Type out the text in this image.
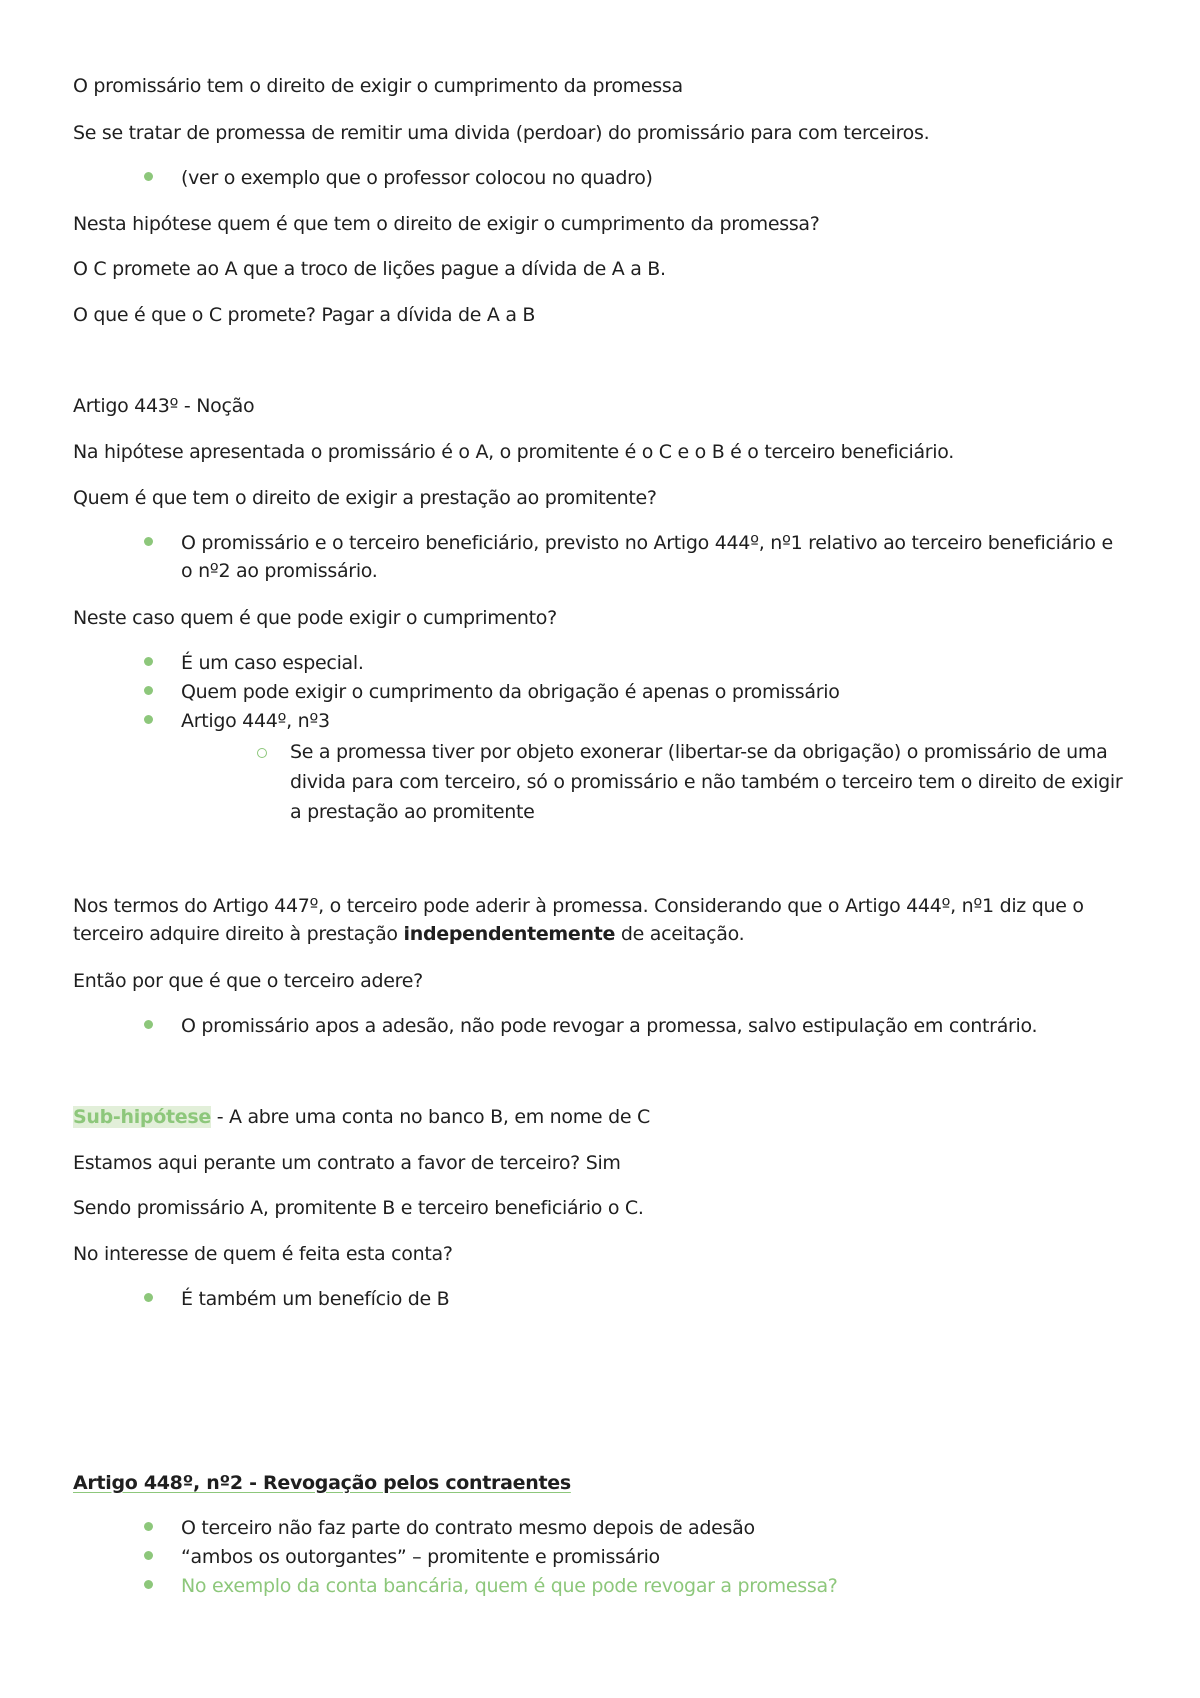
O promissário tem o direito de exigir o cumprimento da promessa
Se se tratar de promessa de remitir uma divida (perdoar) do promissário para com terceiros.
(ver o exemplo que o professor colocou no quadro)
Nesta hipótese quem é que tem o direito de exigir o cumprimento da promessa?
O C promete ao A que a troco de lições pague a dívida de A a B.
O que é que o C promete? Pagar a dívida de A a B
Artigo 443º - Noção
Na hipótese apresentada o promissário é o A, o promitente é o C e o B é o terceiro beneficiário.
Quem é que tem o direito de exigir a prestação ao promitente?
O promissário e o terceiro beneficiário, previsto no Artigo 444º, nº1 relativo ao terceiro beneficiário e o nº2 ao promissário.
Neste caso quem é que pode exigir o cumprimento?
É um caso especial.
Quem pode exigir o cumprimento da obrigação é apenas o promissário
Artigo 444º, nº3
Se a promessa tiver por objeto exonerar (libertar-se da obrigação) o promissário de uma divida para com terceiro, só o promissário e não também o terceiro tem o direito de exigir a prestação ao promitente
Nos termos do Artigo 447º, o terceiro pode aderir à promessa. Considerando que o Artigo 444º, nº1 diz que o terceiro adquire direito à prestação independentemente de aceitação.
Então por que é que o terceiro adere?
O promissário apos a adesão, não pode revogar a promessa, salvo estipulação em contrário.
Sub-hipótese - A abre uma conta no banco B, em nome de C
Estamos aqui perante um contrato a favor de terceiro? Sim
Sendo promissário A, promitente B e terceiro beneficiário o C.
No interesse de quem é feita esta conta?
É também um benefício de B
Artigo 448º, nº2 - Revogação pelos contraentes
O terceiro não faz parte do contrato mesmo depois de adesão
“ambos os outorgantes” – promitente e promissário
No exemplo da conta bancária, quem é que pode revogar a promessa?
